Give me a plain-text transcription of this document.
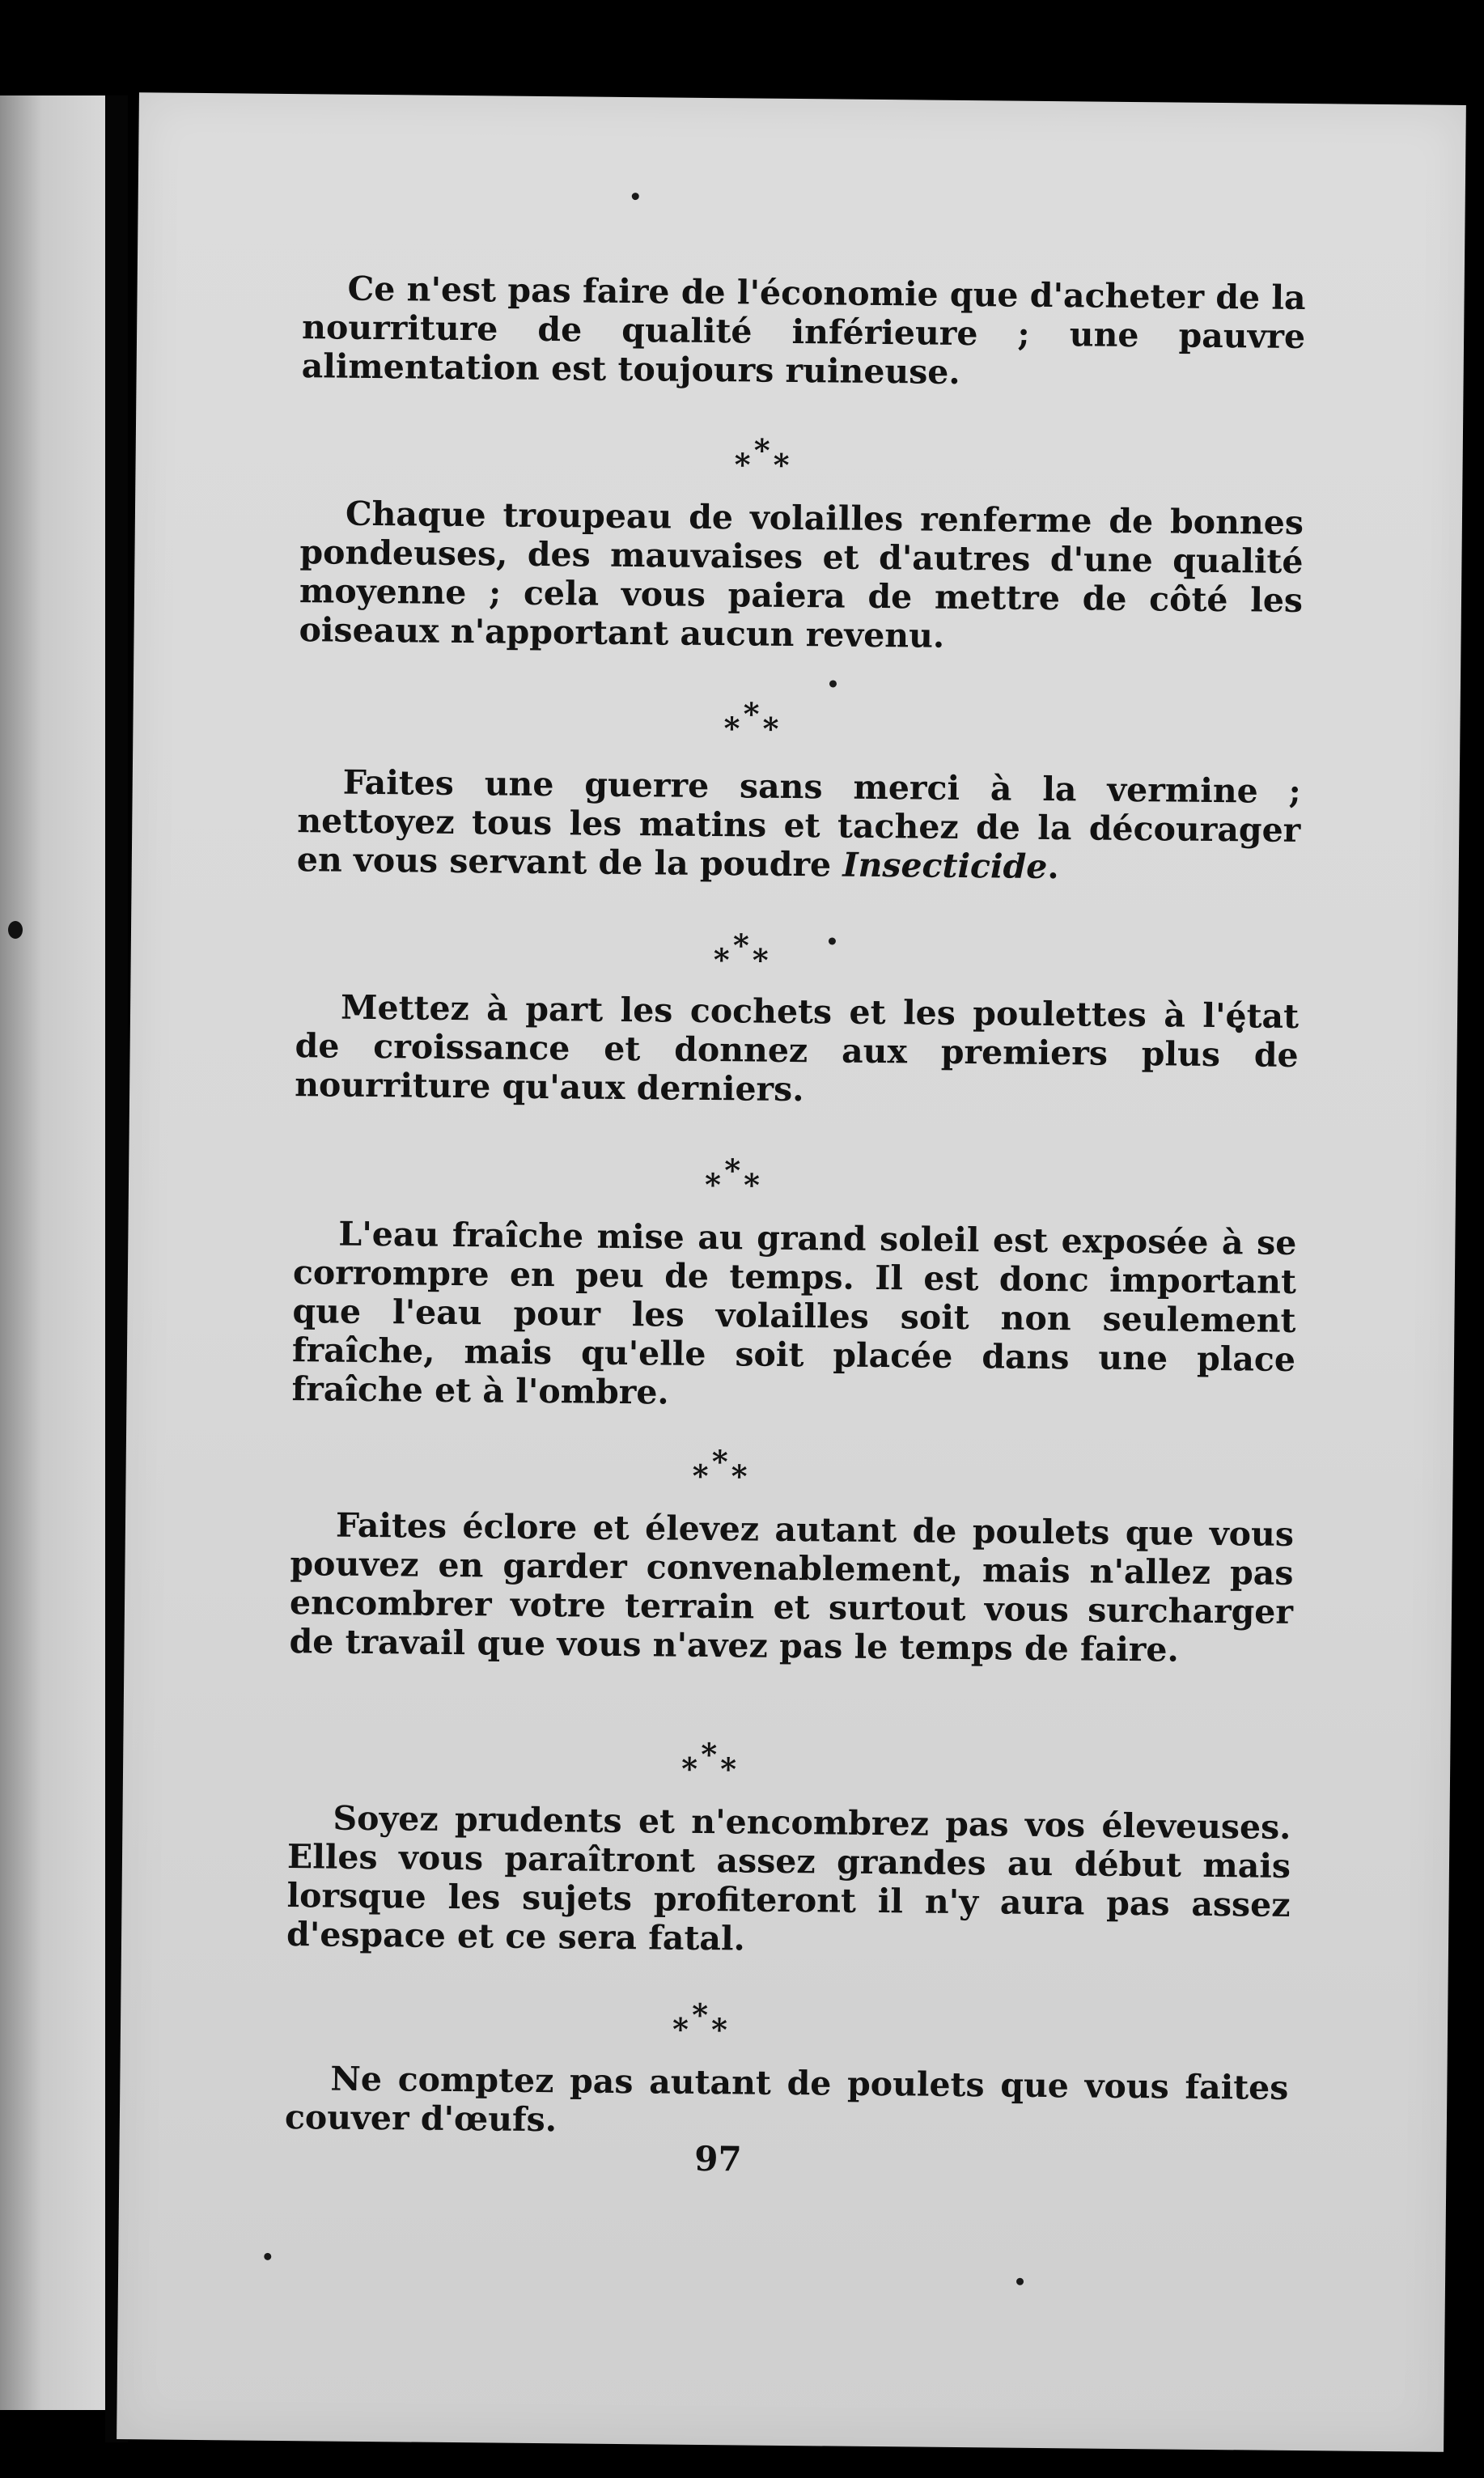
Ce n'est pas faire de l'économie que d'acheter de la nourriture de qualité inférieure ; une pauvre alimentation est toujours ruineuse.

* * *

Chaque troupeau de volailles renferme de bonnes pondeuses, des mauvaises et d'autres d'une qualité moyenne ; cela vous paiera de mettre de côté les oiseaux n'apportant aucun revenu.

* * *

Faites une guerre sans merci à la vermine ; nettoyez tous les matins et tachez de la décourager en vous servant de la poudre Insecticide.

* * *

Mettez à part les cochets et les poulettes à l'état de croissance et donnez aux premiers plus de nourriture qu'aux derniers.

* * *

L'eau fraîche mise au grand soleil est exposée à se corrompre en peu de temps. Il est donc important que l'eau pour les volailles soit non seulement fraîche, mais qu'elle soit placée dans une place fraîche et à l'ombre.

* * *

Faites éclore et élevez autant de poulets que vous pouvez en garder convenablement, mais n'allez pas encombrer votre terrain et surtout vous surcharger de travail que vous n'avez pas le temps de faire.

* * *

Soyez prudents et n'encombrez pas vos éleveuses. Elles vous paraîtront assez grandes au début mais lorsque les sujets profiteront il n'y aura pas assez d'espace et ce sera fatal.

* * *

Ne comptez pas autant de poulets que vous faites couver d'œufs.

97
